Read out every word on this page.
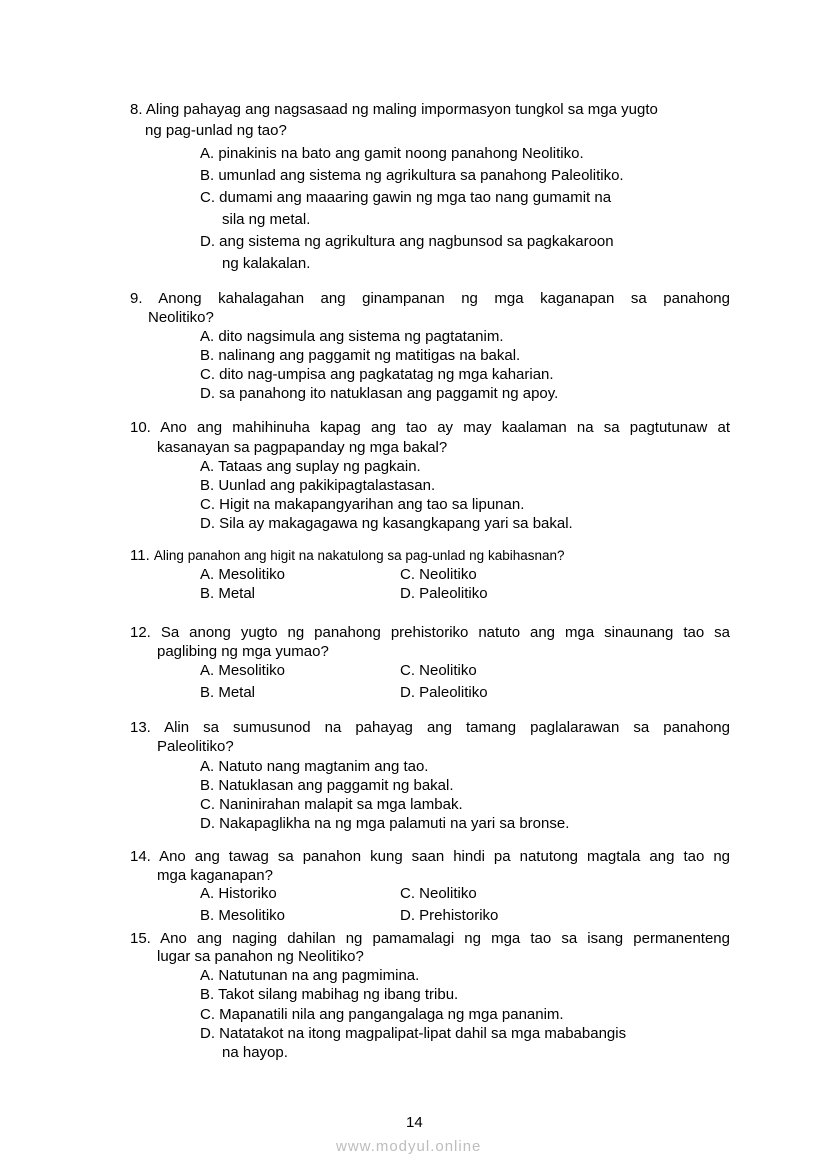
8. Aling pahayag ang nagsasaad ng maling impormasyon tungkol sa mga yugto
ng pag-unlad ng tao?
A. pinakinis na bato ang gamit noong panahong Neolitiko.
B. umunlad ang sistema ng agrikultura sa panahong Paleolitiko.
C. dumami ang maaaring gawin ng mga tao nang gumamit na
sila ng metal.
D. ang sistema ng agrikultura ang nagbunsod sa pagkakaroon
ng kalakalan.
9. Anong kahalagahan ang ginampanan ng mga kaganapan sa panahong
Neolitiko?
A. dito nagsimula ang sistema ng pagtatanim.
B. nalinang ang paggamit ng matitigas na bakal.
C. dito nag-umpisa ang pagkatatag ng mga kaharian.
D. sa panahong ito natuklasan ang paggamit ng apoy.
10. Ano ang mahihinuha kapag ang tao ay may kaalaman na sa pagtutunaw at
kasanayan sa pagpapanday ng mga bakal?
A. Tataas ang suplay ng pagkain.
B. Uunlad ang pakikipagtalastasan.
C. Higit na makapangyarihan ang tao sa lipunan.
D. Sila ay makagagawa ng kasangkapang yari sa bakal.
11. Aling panahon ang higit na nakatulong sa pag-unlad ng kabihasnan?
A. Mesolitiko	C. Neolitiko
B. Metal	D. Paleolitiko
12. Sa anong yugto ng panahong prehistoriko natuto ang mga sinaunang tao sa
paglibing ng mga yumao?
A. Mesolitiko	C. Neolitiko
B. Metal	D. Paleolitiko
13. Alin sa sumusunod na pahayag ang tamang paglalarawan sa panahong
Paleolitiko?
A. Natuto nang magtanim ang tao.
B. Natuklasan ang paggamit ng bakal.
C. Naninirahan malapit sa mga lambak.
D. Nakapaglikha na ng mga palamuti na yari sa bronse.
14. Ano ang tawag sa panahon kung saan hindi pa natutong magtala ang tao ng
mga kaganapan?
A. Historiko	C. Neolitiko
B. Mesolitiko	D. Prehistoriko
15. Ano ang naging dahilan ng pamamalagi ng mga tao sa isang permanenteng
lugar sa panahon ng Neolitiko?
A. Natutunan na ang pagmimina.
B. Takot silang mabihag ng ibang tribu.
C. Mapanatili nila ang pangangalaga ng mga pananim.
D. Natatakot na itong magpalipat-lipat dahil sa mga mababangis
na hayop.
14
www.modyul.online
